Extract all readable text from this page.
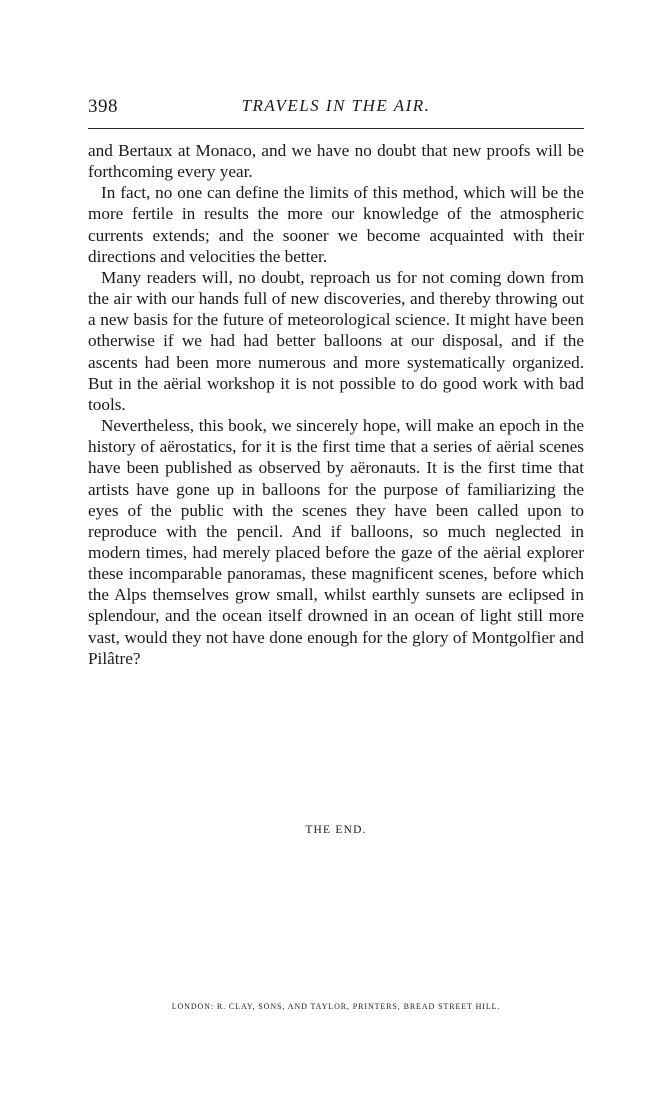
398	TRAVELS IN THE AIR.

and Bertaux at Monaco, and we have no doubt that new proofs will be forthcoming every year.

In fact, no one can define the limits of this method, which will be the more fertile in results the more our knowledge of the atmospheric currents extends; and the sooner we become acquainted with their directions and velocities the better.

Many readers will, no doubt, reproach us for not coming down from the air with our hands full of new discoveries, and thereby throwing out a new basis for the future of meteorological science. It might have been otherwise if we had had better balloons at our disposal, and if the ascents had been more numerous and more systematically organized. But in the aërial workshop it is not possible to do good work with bad tools.

Nevertheless, this book, we sincerely hope, will make an epoch in the history of aërostatics, for it is the first time that a series of aërial scenes have been published as observed by aëronauts. It is the first time that artists have gone up in balloons for the purpose of familiarizing the eyes of the public with the scenes they have been called upon to reproduce with the pencil. And if balloons, so much neglected in modern times, had merely placed before the gaze of the aërial explorer these incomparable panoramas, these magnificent scenes, before which the Alps themselves grow small, whilst earthly sunsets are eclipsed in splendour, and the ocean itself drowned in an ocean of light still more vast, would they not have done enough for the glory of Montgolfier and Pilâtre?

THE END.
LONDON: R. CLAY, SONS, AND TAYLOR, PRINTERS, BREAD STREET HILL.
